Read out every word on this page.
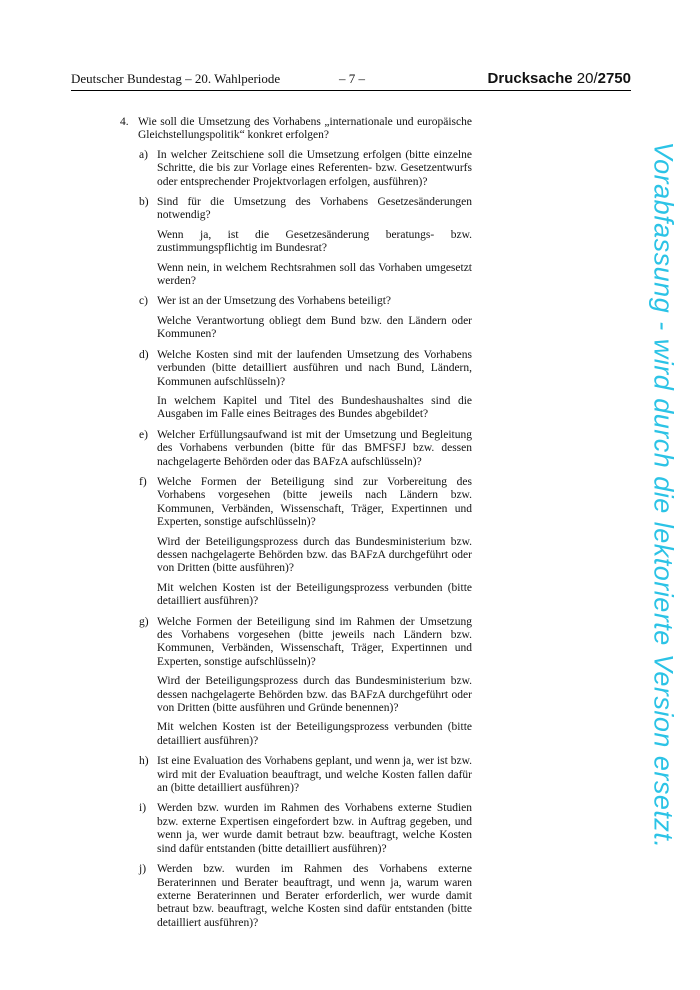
Deutscher Bundestag – 20. Wahlperiode	– 7 –	Drucksache 20/2750
4. Wie soll die Umsetzung des Vorhabens „internationale und europäische Gleichstellungspolitik“ konkret erfolgen?
a) In welcher Zeitschiene soll die Umsetzung erfolgen (bitte einzelne Schritte, die bis zur Vorlage eines Referenten- bzw. Gesetzentwurfs oder entsprechender Projektvorlagen erfolgen, ausführen)?

b) Sind für die Umsetzung des Vorhabens Gesetzesänderungen notwendig?

Wenn ja, ist die Gesetzesänderung beratungs- bzw. zustimmungspflichtig im Bundesrat?

Wenn nein, in welchem Rechtsrahmen soll das Vorhaben umgesetzt werden?

c) Wer ist an der Umsetzung des Vorhabens beteiligt?

Welche Verantwortung obliegt dem Bund bzw. den Ländern oder Kommunen?

d) Welche Kosten sind mit der laufenden Umsetzung des Vorhabens verbunden (bitte detailliert ausführen und nach Bund, Ländern, Kommunen aufschlüsseln)?

In welchem Kapitel und Titel des Bundeshaushaltes sind die Ausgaben im Falle eines Beitrages des Bundes abgebildet?

e) Welcher Erfüllungsaufwand ist mit der Umsetzung und Begleitung des Vorhabens verbunden (bitte für das BMFSFJ bzw. dessen nachgelagerte Behörden oder das BAFzA aufschlüsseln)?

f) Welche Formen der Beteiligung sind zur Vorbereitung des Vorhabens vorgesehen (bitte jeweils nach Ländern bzw. Kommunen, Verbänden, Wissenschaft, Träger, Expertinnen und Experten, sonstige aufschlüsseln)?

Wird der Beteiligungsprozess durch das Bundesministerium bzw. dessen nachgelagerte Behörden bzw. das BAFzA durchgeführt oder von Dritten (bitte ausführen)?

Mit welchen Kosten ist der Beteiligungsprozess verbunden (bitte detailliert ausführen)?

g) Welche Formen der Beteiligung sind im Rahmen der Umsetzung des Vorhabens vorgesehen (bitte jeweils nach Ländern bzw. Kommunen, Verbänden, Wissenschaft, Träger, Expertinnen und Experten, sonstige aufschlüsseln)?

Wird der Beteiligungsprozess durch das Bundesministerium bzw. dessen nachgelagerte Behörden bzw. das BAFzA durchgeführt oder von Dritten (bitte ausführen und Gründe benennen)?

Mit welchen Kosten ist der Beteiligungsprozess verbunden (bitte detailliert ausführen)?

h) Ist eine Evaluation des Vorhabens geplant, und wenn ja, wer ist bzw. wird mit der Evaluation beauftragt, und welche Kosten fallen dafür an (bitte detailliert ausführen)?

i) Werden bzw. wurden im Rahmen des Vorhabens externe Studien bzw. externe Expertisen eingefordert bzw. in Auftrag gegeben, und wenn ja, wer wurde damit betraut bzw. beauftragt, welche Kosten sind dafür entstanden (bitte detailliert ausführen)?

j) Werden bzw. wurden im Rahmen des Vorhabens externe Beraterinnen und Berater beauftragt, und wenn ja, warum waren externe Beraterinnen und Berater erforderlich, wer wurde damit betraut bzw. beauftragt, welche Kosten sind dafür entstanden (bitte detailliert ausführen)?

Vorabfassung - wird durch die lektorierte Version ersetzt.
